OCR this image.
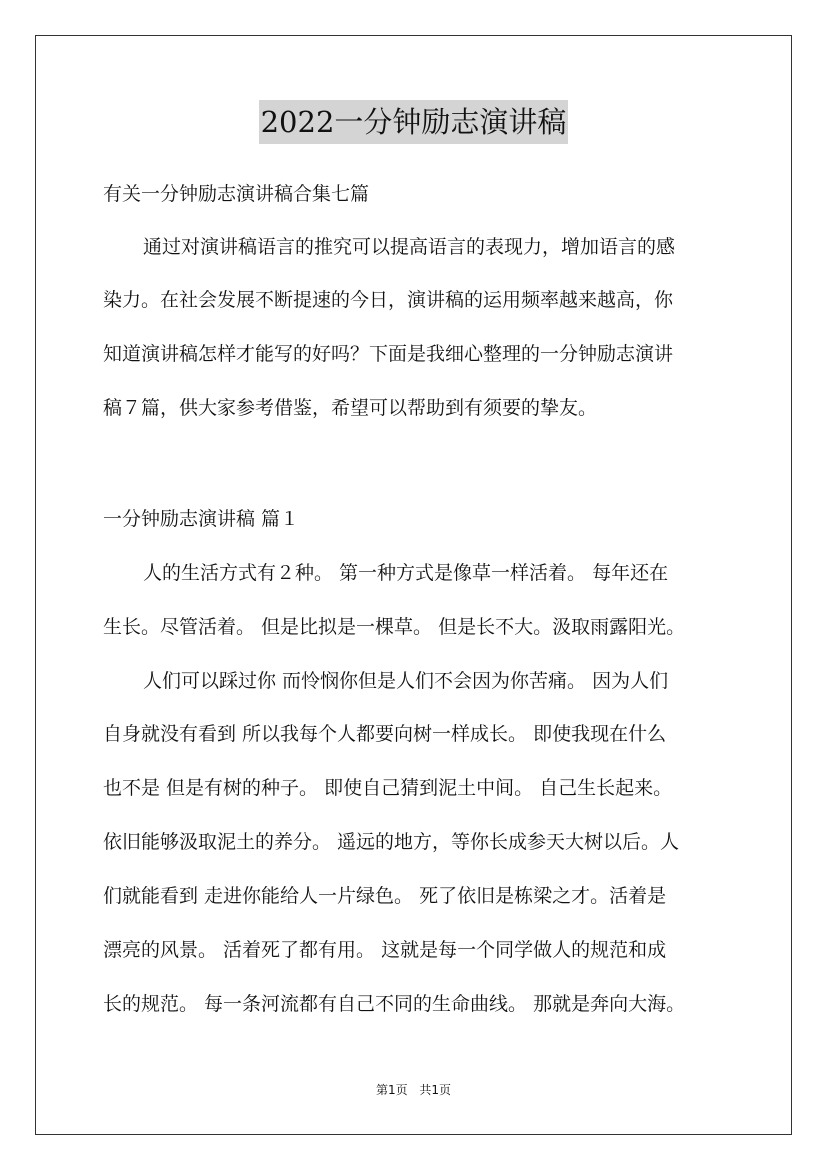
2022一分钟励志演讲稿
有关一分钟励志演讲稿合集七篇
通过对演讲稿语言的推究可以提高语言的表现力，增加语言的感
染力。在社会发展不断提速的今日，演讲稿的运用频率越来越高，你
知道演讲稿怎样才能写的好吗？下面是我细心整理的一分钟励志演讲
稿７篇，供大家参考借鉴，希望可以帮助到有须要的挚友。
一分钟励志演讲稿 篇１
人的生活方式有２种。 第一种方式是像草一样活着。 每年还在
生长。尽管活着。 但是比拟是一棵草。 但是长不大。汲取雨露阳光。
人们可以踩过你 而怜悯你但是人们不会因为你苦痛。 因为人们
自身就没有看到 所以我每个人都要向树一样成长。 即使我现在什么
也不是 但是有树的种子。 即使自己猜到泥土中间。 自己生长起来。
依旧能够汲取泥土的养分。 遥远的地方，等你长成参天大树以后。人
们就能看到 走进你能给人一片绿色。 死了依旧是栋梁之才。活着是
漂亮的风景。 活着死了都有用。 这就是每一个同学做人的规范和成
长的规范。 每一条河流都有自己不同的生命曲线。 那就是奔向大海。
第1页 共1页
